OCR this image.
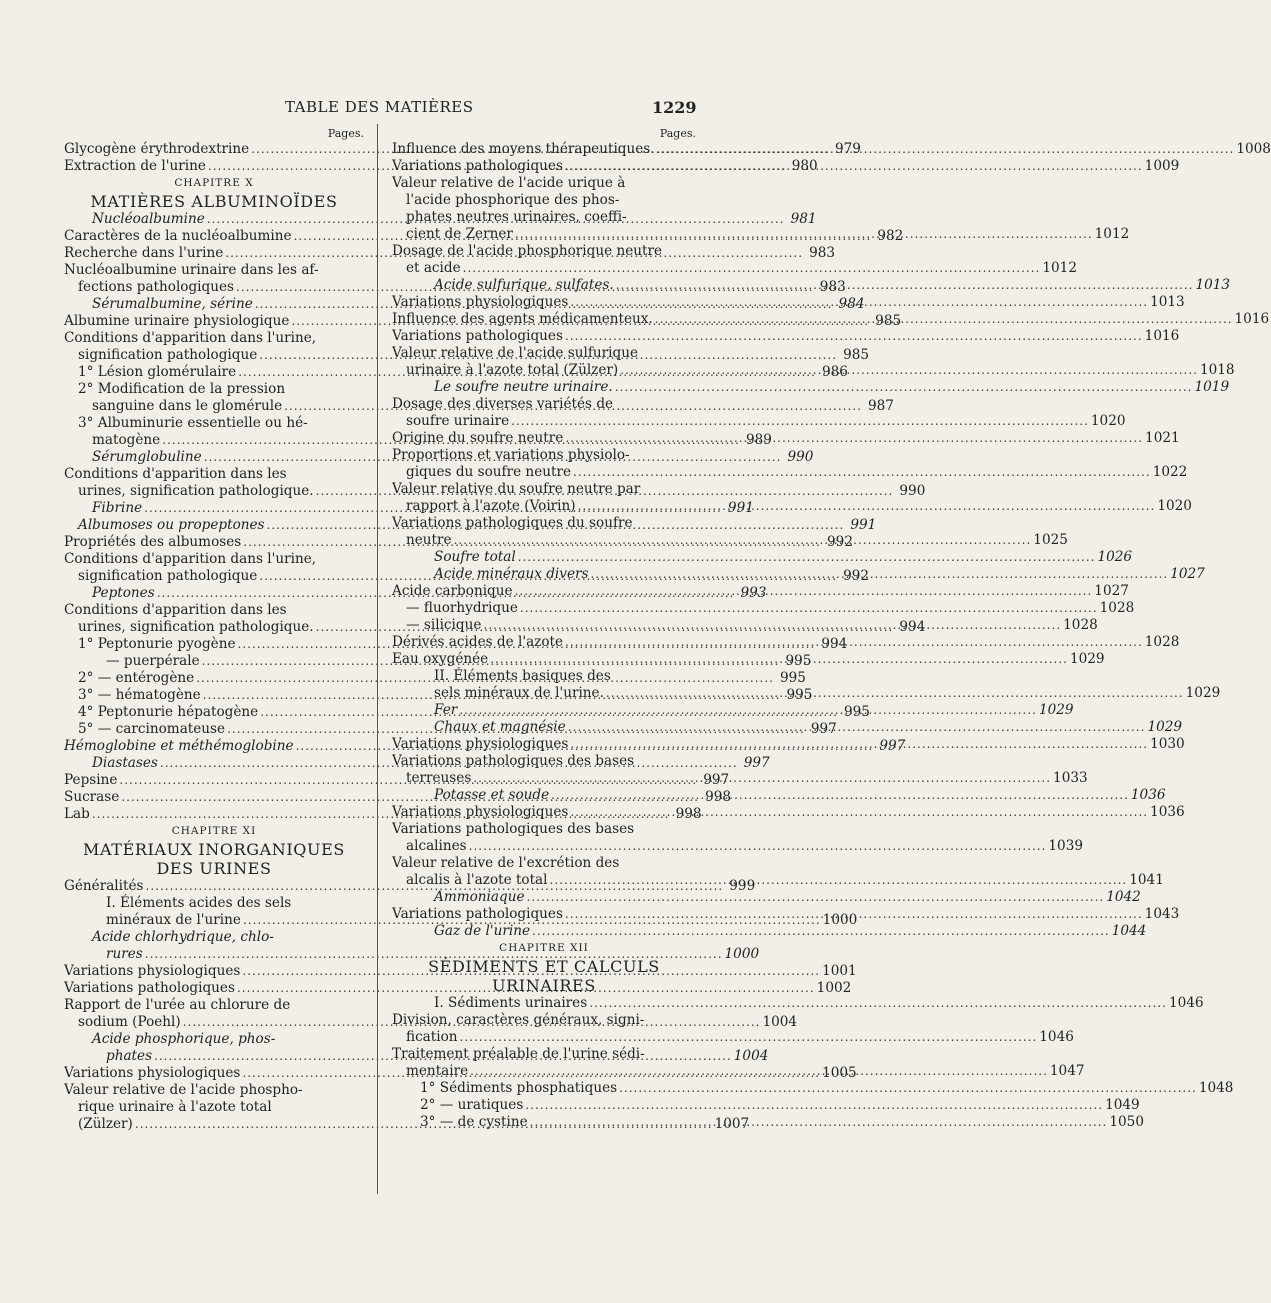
TABLE DES MATIÈRES	1229
Pages.
Glycogène érythrodextrine .....	979
Extraction de l'urine .....	980
CHAPITRE X
MATIÈRES ALBUMINOÏDES
Nucléoalbumine .....	981
Caractères de la nucléoalbumine .....	982
Recherche dans l'urine .....	983
Nucléoalbumine urinaire dans les af-
fections pathologiques .....	983
Sérumalbumine, sérine .....	984
Albumine urinaire physiologique .....	985
Conditions d'apparition dans l'urine,
signification pathologique .....	985
1° Lésion glomérulaire .....	986
2° Modification de la pression
sanguine dans le glomérule .....	987
3° Albuminurie essentielle ou hé-
matogène .....	989
Sérumglobuline .....	990
Conditions d'apparition dans les
urines, signification pathologique. .....	990
Fibrine .....	991
Albumoses ou propeptones .....	991
Propriétés des albumoses .....	992
Conditions d'apparition dans l'urine,
signification pathologique .....	992
Peptones .....	993
Conditions d'apparition dans les
urines, signification pathologique. .....	994
1° Peptonurie pyogène .....	994
— puerpérale .....	995
2° — entérogène .....	995
3° — hématogène .....	995
4° Peptonurie hépatogène .....	995
5° — carcinomateuse .....	997
Hémoglobine et méthémoglobine .....	997
Diastases .....	997
Pepsine .....	997
Sucrase .....	998
Lab .....	998
CHAPITRE XI
MATÉRIAUX INORGANIQUES
DES URINES
Généralités .....	999
I. Éléments acides des sels
minéraux de l'urine .....	1000
Acide chlorhydrique, chlo-
rures .....	1000
Variations physiologiques .....	1001
Variations pathologiques .....	1002
Rapport de l'urée au chlorure de
sodium (Poehl) .....	1004
Acide phosphorique, phos-
phates .....	1004
Variations physiologiques .....	1005
Valeur relative de l'acide phospho-
rique urinaire à l'azote total
(Zülzer) .....	1007
Pages.
Influence des moyens thérapeutiques. .....	1008
Variations pathologiques .....	1009
Valeur relative de l'acide urique à
l'acide phosphorique des phos-
phates neutres urinaires, coeffi-
cient de Zerner .....	1012
Dosage de l'acide phosphorique neutre
et acide .....	1012
Acide sulfurique, sulfates. .....	1013
Variations physiologiques .....	1013
Influence des agents médicamenteux. .....	1016
Variations pathologiques .....	1016
Valeur relative de l'acide sulfurique
urinaire à l'azote total (Zülzer) .....	1018
Le soufre neutre urinaire. .....	1019
Dosage des diverses variétés de
soufre urinaire .....	1020
Origine du soufre neutre .....	1021
Proportions et variations physiolo-
giques du soufre neutre .....	1022
Valeur relative du soufre neutre par
rapport à l'azote (Voirin) .....	1020
Variations pathologiques du soufre
neutre .....	1025
Soufre total .....	1026
Acide minéraux divers .....	1027
Acide carbonique .....	1027
— fluorhydrique .....	1028
— silicique .....	1028
Dérivés acides de l'azote .....	1028
Eau oxygénée .....	1029
II. Éléments basiques des
sels minéraux de l'urine. .....	1029
Fer .....	1029
Chaux et magnésie .....	1029
Variations physiologiques .....	1030
Variations pathologiques des bases
terreuses .....	1033
Potasse et soude .....	1036
Variations physiologiques .....	1036
Variations pathologiques des bases
alcalines .....	1039
Valeur relative de l'excrétion des
alcalis à l'azote total .....	1041
Ammoniaque .....	1042
Variations pathologiques .....	1043
Gaz de l'urine .....	1044
CHAPITRE XII
SÉDIMENTS ET CALCULS
URINAIRES
I. Sédiments urinaires .....	1046
Division, caractères généraux, signi-
fication .....	1046
Traitement préalable de l'urine sédi-
mentaire .....	1047
1° Sédiments phosphatiques .....	1048
2° — uratiques .....	1049
3° — de cystine .....	1050
